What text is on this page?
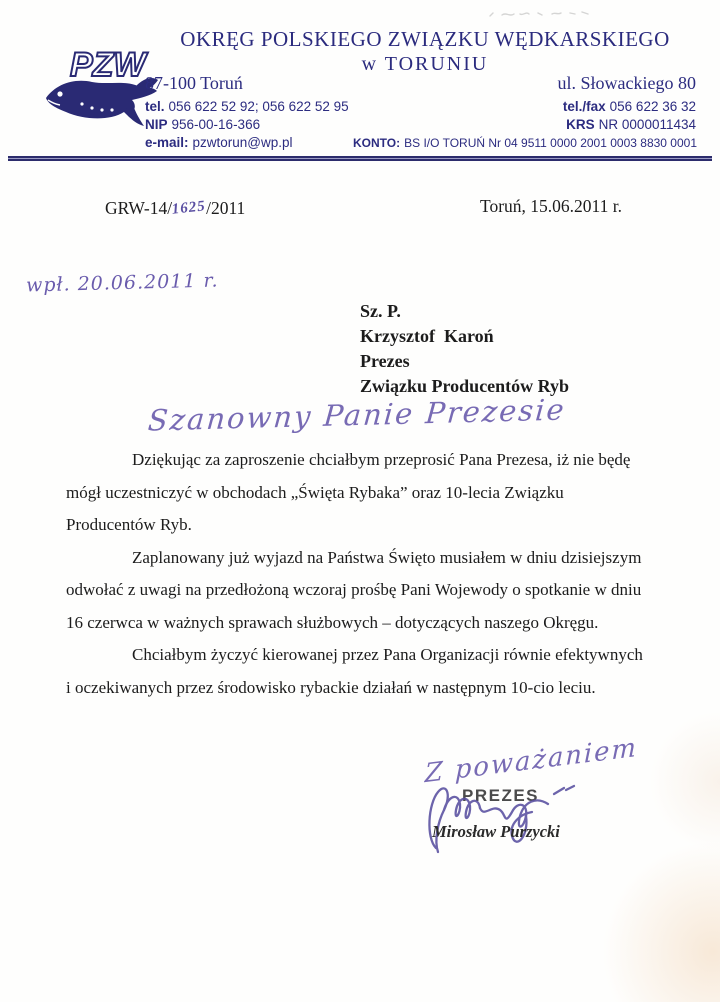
PZW
OKRĘG POLSKIEGO ZWIĄZKU WĘDKARSKIEGO
w TORUNIU
87-100 Toruń	ul. Słowackiego 80
tel. 056 622 52 92; 056 622 52 95	tel./fax 056 622 36 32
NIP 956-00-16-366	KRS NR 0000011434
e-mail: pzwtorun@wp.pl	KONTO: BS I/O TORUŃ Nr 04 9511 0000 2001 0003 8830 0001
GRW-14/1625/2011	Toruń, 15.06.2011 r.
wpł. 20.06.2011 r.
Sz. P.
Krzysztof  Karoń
Prezes
Związku Producentów Ryb
Szanowny Panie Prezesie

Dziękując za zaproszenie chciałbym przeprosić Pana Prezesa, iż nie będę mógł uczestniczyć w obchodach „Święta Rybaka” oraz 10-lecia Związku Producentów Ryb.

Zaplanowany już wyjazd na Państwa Święto musiałem w dniu dzisiejszym odwołać z uwagi na przedłożoną wczoraj prośbę Pani Wojewody o spotkanie w dniu 16 czerwca w ważnych sprawach służbowych – dotyczących naszego Okręgu.

Chciałbym życzyć kierowanej przez Pana Organizacji równie efektywnych i oczekiwanych przez środowisko rybackie działań w następnym 10-cio leciu.

Z poważaniem
PREZES
Mirosław Purzycki
